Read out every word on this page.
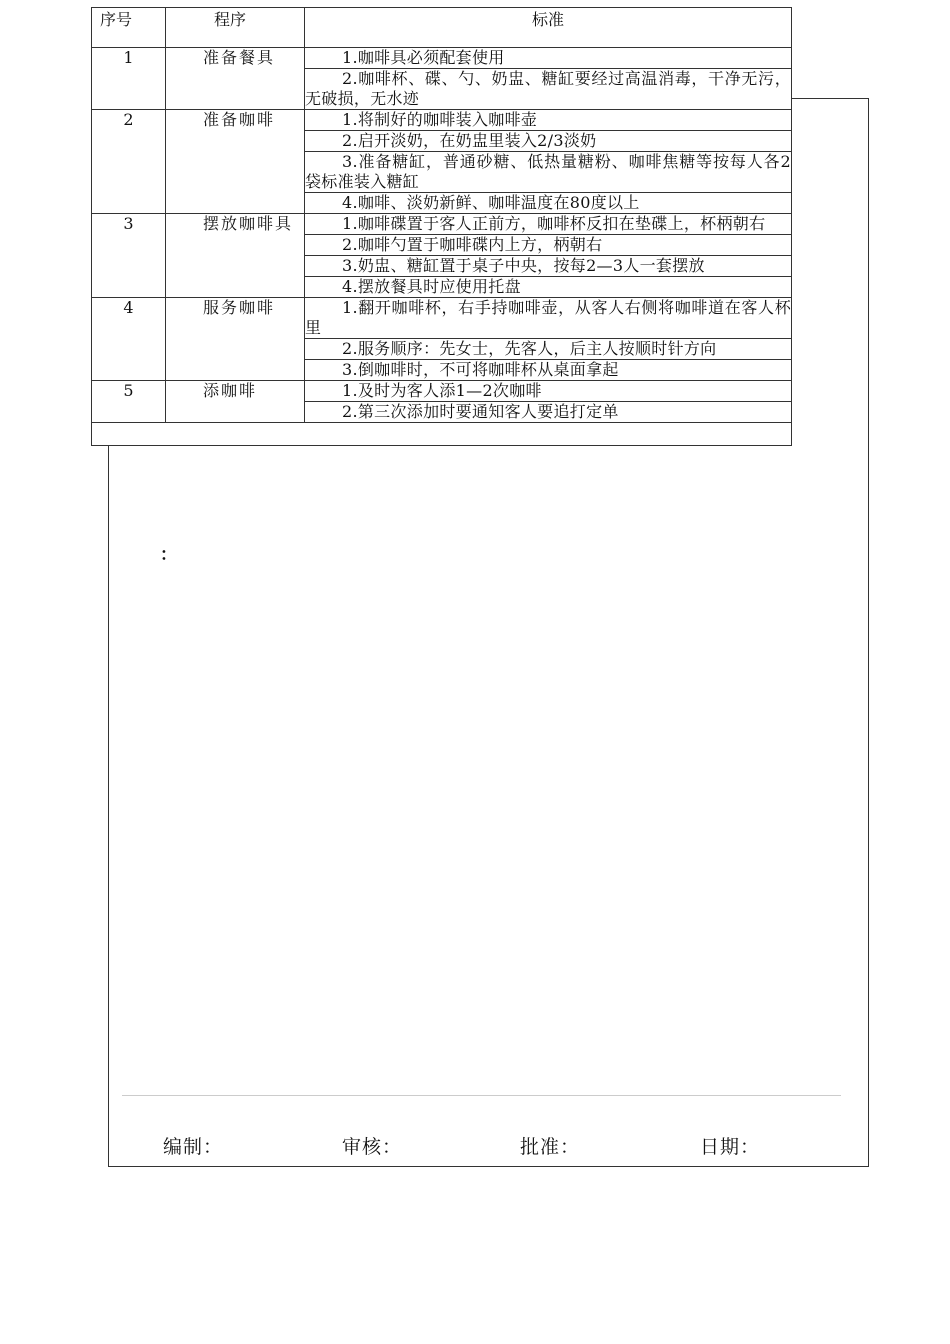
序号	程序	标准
1	准备餐具	1.咖啡具必须配套使用
		2.咖啡杯、碟、勺、奶盅、糖缸要经过高温消毒，干净无污，无破损，无水迹
2	准备咖啡	1.将制好的咖啡装入咖啡壶
		2.启开淡奶，在奶盅里装入2/3淡奶
		3.准备糖缸，普通砂糖、低热量糖粉、咖啡焦糖等按每人各2袋标准装入糖缸
		4.咖啡、淡奶新鲜、咖啡温度在80度以上
3	摆放咖啡具	1.咖啡碟置于客人正前方，咖啡杯反扣在垫碟上，杯柄朝右
		2.咖啡勺置于咖啡碟内上方，柄朝右
		3.奶盅、糖缸置于桌子中央，按每2—3人一套摆放
		4.摆放餐具时应使用托盘
4	服务咖啡	1.翻开咖啡杯，右手持咖啡壶，从客人右侧将咖啡道在客人杯里
		2.服务顺序：先女士，先客人，后主人按顺时针方向
		3.倒咖啡时，不可将咖啡杯从桌面拿起
5	添咖啡	1.及时为客人添1—2次咖啡
		2.第三次添加时要通知客人要追打定单

：
编制：	审核：	批准：	日期：
